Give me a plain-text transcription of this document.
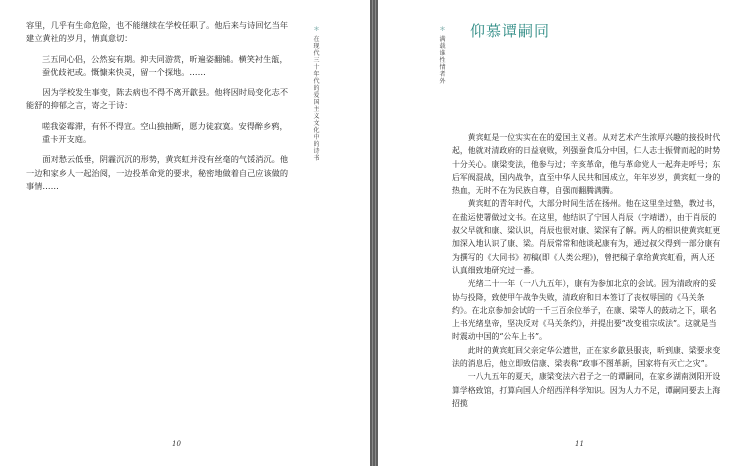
容里，几乎有生命危险，也不能继续在学校任职了。他后来与诗回忆当年建立黄社的岁月，情真意切：

三五同心侣，公然妄有期。抑夫同游赏，昕遍姿翻铺。横笑衬生瓿，蚕优歧祀或。慨慷来快灵，留一个探地。……

因为学校发生事变，陈去病也不得不离开歙县。他将因时局变化志不能舒的抑郁之言，寄之于诗：

嗟我姿霉滞，有怀不得宣。空山独抽断，愿力徒寂寞。安得醉乡鸦，重卡开支庭。

面对愁云低垂，阴霾沉沉的形势，黄宾虹并没有丝毫的气馁消沉。他一边和家乡人一起治阅，一边投革命党的要求，秘密地做着自己应该做的事情……

＊ 在现代三十年代的爱国主义文化中的诗书
10
＊ 满载谁性情者外
仰慕谭嗣同

黄宾虹是一位实实在在的爱国主义者。从对艺术产生浓厚兴趣的接投时代起，他就对清政府的日益衰败，列强蚕食瓜分中国，仁人志士振臂而起的时势十分关心。康梁变法，他参与过；辛亥革命，他与革命党人一起奔走呼号；东后军阀混战，国内战争，直至中华人民共和国成立，年年岁岁，黄宾虹一身的热血，无时不在为民族自尊，自强而翻腾满腾。

黄宾虹的青年时代，大部分时间生活在扬州。他在这里坐过塾，教过书，在盐运使署做过文书。在这里，他结识了宁国人肖辰（字靖谱），由于肖辰的叔父早就和康、梁认识，肖辰也很对康、梁深有了解。两人的相识使黄宾虹更加深入地认识了康、梁。肖辰常常和他谈起康有为，通过叔父得到一部分康有为撰写的《大同书》初稿(即《人类公理》)，曾把稿子拿给黄宾虹看，两人还认真细致地研究过一番。

光绪二十一年（一八九五年），康有为参加北京的会试。因为清政府的妥协与投降，致使甲午战争失败，清政府和日本签订了丧权辱国的《马关条约》。在北京参加会试的一千三百余位举子，在康、梁等人的鼓动之下，联名上书光绪皇帝，坚决反对《马关条约》，并提出要“改变祖宗成法”。这就是当时震动中国的“公车上书”。

此时的黄宾虹回父亲定华公遗世，正在家乡歙县服丧，昕到康、梁要求变法的消息后，他立即致信康、梁表称“政事不图革新，国家将有灭亡之灾”。

一八九五年的夏天，康梁变法六君子之一的谭嗣同，在家乡湖南浏阳开设算学格致馆，打算向国人介绍西洋科学知识。因为人力不足，谭嗣同要去上海招揽

11
